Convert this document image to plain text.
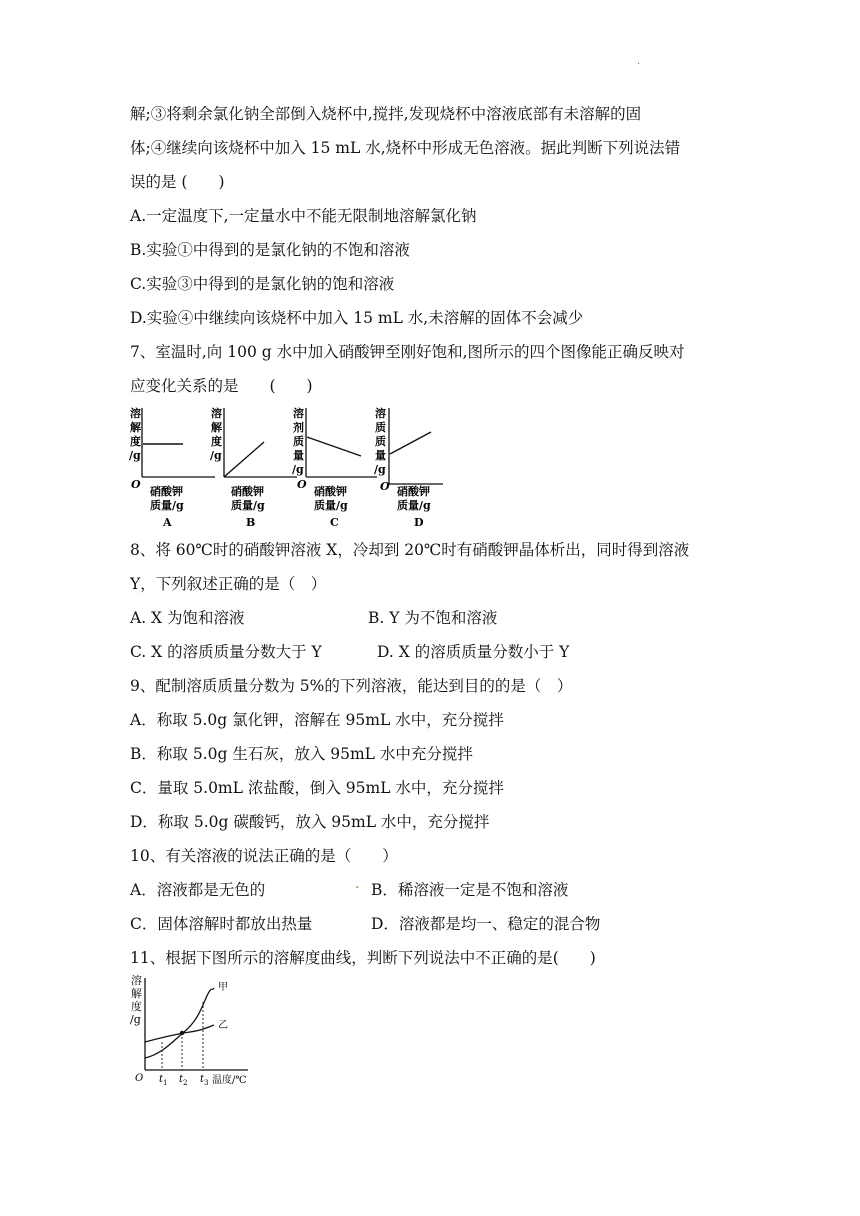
.
解;③将剩余氯化钠全部倒入烧杯中,搅拌,发现烧杯中溶液底部有未溶解的固
体;④继续向该烧杯中加入 15 mL 水,烧杯中形成无色溶液。据此判断下列说法错
误的是 (　　)
A.一定温度下,一定量水中不能无限制地溶解氯化钠
B.实验①中得到的是氯化钠的不饱和溶液
C.实验③中得到的是氯化钠的饱和溶液
D.实验④中继续向该烧杯中加入 15 mL 水,未溶解的固体不会减少
7、室温时,向 100 g 水中加入硝酸钾至刚好饱和,图所示的四个图像能正确反映对
应变化关系的是　　(　　)
溶
解
度
/g
O
硝酸钾
质量/g
A
溶
解
度
/g
硝酸钾
质量/g
B
溶
剂
质
量
/g
O
硝酸钾
质量/g
C
溶
质
质
量
/g
O 硝酸钾
质量/g
D
8、将 60℃时的硝酸钾溶液 X，冷却到 20℃时有硝酸钾晶体析出，同时得到溶液
Y，下列叙述正确的是（　）
A. X 为饱和溶液	B. Y 为不饱和溶液
C. X 的溶质质量分数大于 Y	D. X 的溶质质量分数小于 Y
9、配制溶质质量分数为 5%的下列溶液，能达到目的的是（　）
A．称取 5.0g 氯化钾，溶解在 95mL 水中，充分搅拌
B．称取 5.0g 生石灰，放入 95mL 水中充分搅拌
C．量取 5.0mL 浓盐酸，倒入 95mL 水中，充分搅拌
D．称取 5.0g 碳酸钙，放入 95mL 水中，充分搅拌
10、有关溶液的说法正确的是（　　）
A．溶液都是无色的	. B．稀溶液一定是不饱和溶液
C．固体溶解时都放出热量	D．溶液都是均一、稳定的混合物
11、根据下图所示的溶解度曲线，判断下列说法中不正确的是(　　)
溶
解
度
/g
甲
乙
O t 1 t 2 t 3 温度/℃
